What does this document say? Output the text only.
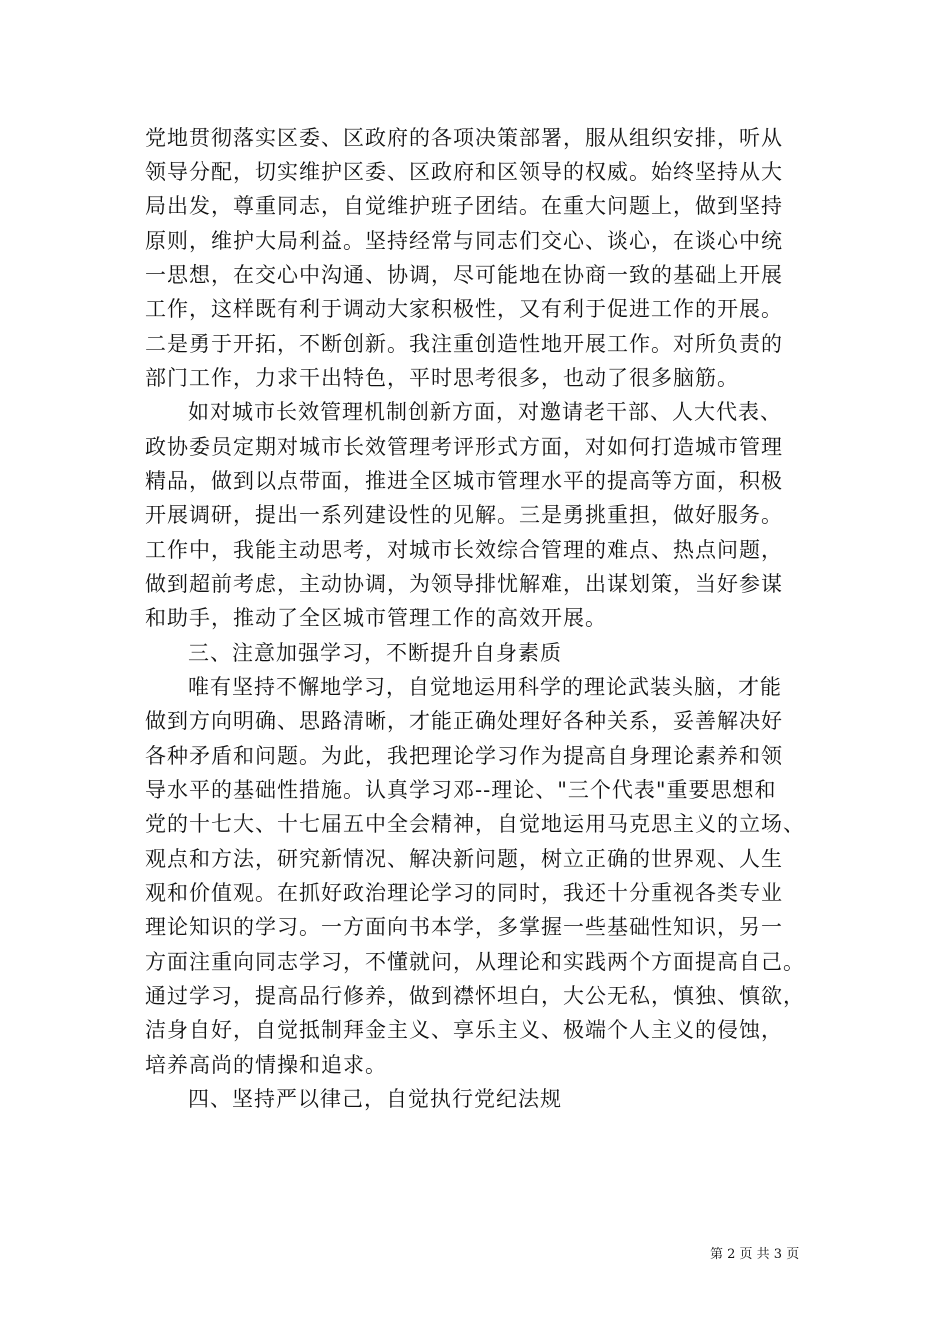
党地贯彻落实区委、区政府的各项决策部署，服从组织安排，听从
领导分配，切实维护区委、区政府和区领导的权威。始终坚持从大
局出发，尊重同志，自觉维护班子团结。在重大问题上，做到坚持
原则，维护大局利益。坚持经常与同志们交心、谈心，在谈心中统
一思想，在交心中沟通、协调，尽可能地在协商一致的基础上开展
工作，这样既有利于调动大家积极性，又有利于促进工作的开展。
二是勇于开拓，不断创新。我注重创造性地开展工作。对所负责的
部门工作，力求干出特色，平时思考很多，也动了很多脑筋。
如对城市长效管理机制创新方面，对邀请老干部、人大代表、
政协委员定期对城市长效管理考评形式方面，对如何打造城市管理
精品，做到以点带面，推进全区城市管理水平的提高等方面，积极
开展调研，提出一系列建设性的见解。三是勇挑重担，做好服务。
工作中，我能主动思考，对城市长效综合管理的难点、热点问题，
做到超前考虑，主动协调，为领导排忧解难，出谋划策，当好参谋
和助手，推动了全区城市管理工作的高效开展。
三、注意加强学习，不断提升自身素质
唯有坚持不懈地学习，自觉地运用科学的理论武装头脑，才能
做到方向明确、思路清晰，才能正确处理好各种关系，妥善解决好
各种矛盾和问题。为此，我把理论学习作为提高自身理论素养和领
导水平的基础性措施。认真学习邓--理论、"三个代表"重要思想和
党的十七大、十七届五中全会精神，自觉地运用马克思主义的立场、
观点和方法，研究新情况、解决新问题，树立正确的世界观、人生
观和价值观。在抓好政治理论学习的同时，我还十分重视各类专业
理论知识的学习。一方面向书本学，多掌握一些基础性知识，另一
方面注重向同志学习，不懂就问，从理论和实践两个方面提高自己。
通过学习，提高品行修养，做到襟怀坦白，大公无私，慎独、慎欲，
洁身自好，自觉抵制拜金主义、享乐主义、极端个人主义的侵蚀，
培养高尚的情操和追求。
四、坚持严以律己，自觉执行党纪法规
第 2 页 共 3 页
